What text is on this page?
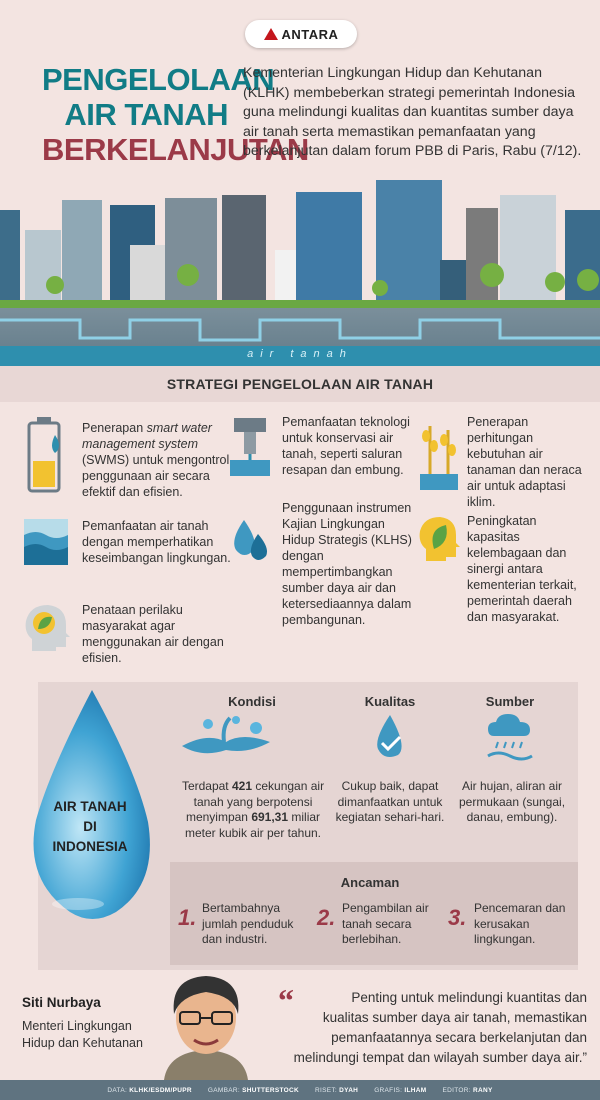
ANTARA
PENGELOLAAN
AIR TANAH
BERKELANJUTAN
Kementerian Lingkungan Hidup dan Kehutanan (KLHK) membeberkan strategi pemerintah Indonesia guna melindungi kualitas dan kuantitas sumber daya air tanah serta memastikan pemanfaatan yang berkelanjutan dalam forum PBB di Paris, Rabu (7/12).
air tanah
STRATEGI PENGELOLAAN AIR TANAH
Penerapan smart water management system (SWMS) untuk mengontrol penggunaan air secara efektif dan efisien.
Pemanfaatan air tanah dengan memperhatikan keseimbangan lingkungan.
Penataan perilaku masyarakat agar menggunakan air dengan efisien.
Pemanfaatan teknologi untuk konservasi air tanah, seperti saluran resapan dan embung.
Penggunaan instrumen Kajian Lingkungan Hidup Strategis (KLHS) dengan mempertimbangkan sumber daya air dan ketersediaannya dalam pembangunan.
Penerapan perhitungan kebutuhan air tanaman dan neraca air untuk adaptasi iklim.
Peningkatan kapasitas kelembagaan dan sinergi antara kementerian terkait, pemerintah daerah dan masyarakat.
AIR TANAH
DI
INDONESIA
Kondisi
Terdapat 421 cekungan air tanah yang berpotensi menyimpan 691,31 miliar meter kubik air per tahun.
Kualitas
Cukup baik, dapat dimanfaatkan untuk kegiatan sehari-hari.
Sumber
Air hujan, aliran air permukaan (sungai, danau, embung).
Ancaman
1. Bertambahnya jumlah penduduk dan industri.
2. Pengambilan air tanah secara berlebihan.
3. Pencemaran dan kerusakan lingkungan.
Siti Nurbaya
Menteri Lingkungan Hidup dan Kehutanan
“	Penting untuk melindungi kuantitas dan kualitas sumber daya air tanah, memastikan pemanfaatannya secara berkelanjutan dan melindungi tempat dan wilayah sumber daya air.”
DATA: KLHK/ESDM/PUPR GAMBAR: SHUTTERSTOCK RISET: DYAH GRAFIS: ILHAM EDITOR: RANY
